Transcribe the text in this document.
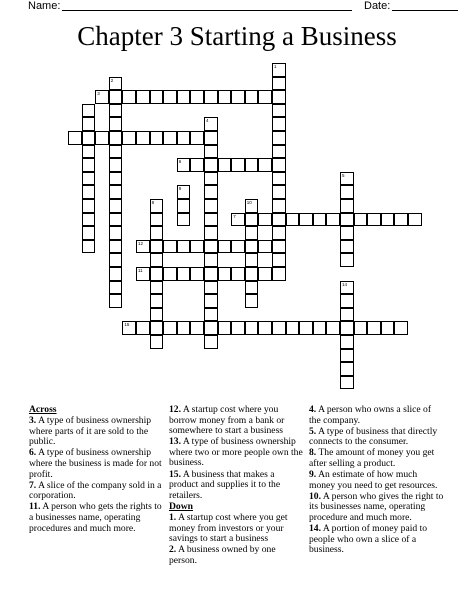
Name:	Date:
Chapter 3 Starting a Business
1
2
3
4
6
5
8	10
7
12
11
14
15
9
Across
3. A type of business ownership where parts of it are sold to the public.
6. A type of business ownership where the business is made for not profit.
7. A slice of the company sold in a corporation.
11. A person who gets the rights to a businesses name, operating procedures and much more.
12. A startup cost where you borrow money from a bank or somewhere to start a business
13. A type of business ownership where two or more people own the business.
15. A business that makes a product and supplies it to the retailers.
Down
1. A startup cost where you get money from investors or your savings to start a business
2. A business owned by one person.
4. A person who owns a slice of the company.
5. A type of business that directly connects to the consumer.
8. The amount of money you get after selling a product.
9. An estimate of how much money you need to get resources.
10. A person who gives the right to its businesses name, operating procedure and much more.
14. A portion of money paid to people who own a slice of a business.
